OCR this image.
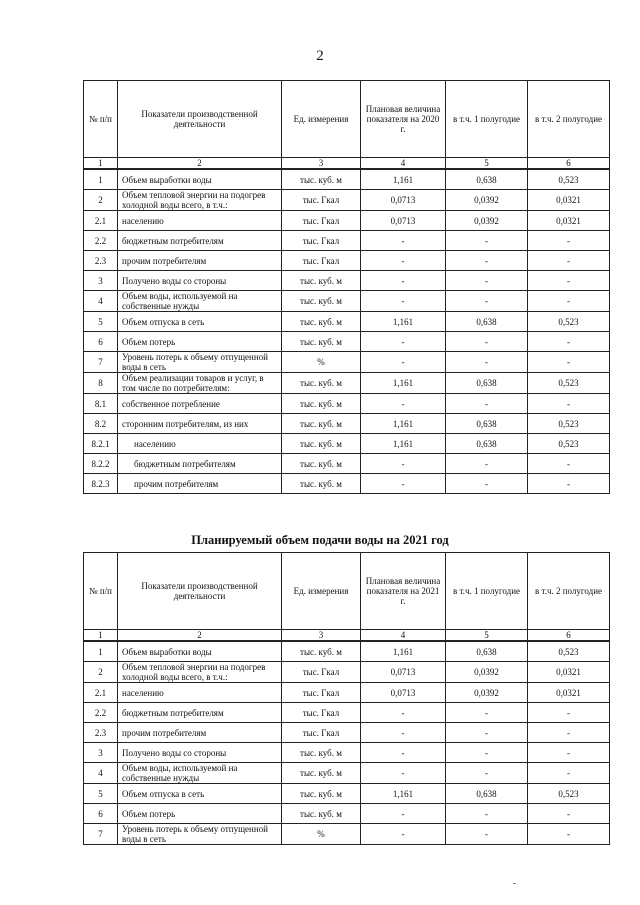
2
№ п/п	Показатели производственной деятельности	Ед. измерения	Плановая величина показателя на 2020 г.	в т.ч. 1 полугодие	в т.ч. 2 полугодие
1	2	3	4	5	6
1	Объем выработки воды	тыс. куб. м	1,161	0,638	0,523
2	Объем тепловой энергии на подогрев холодной воды всего, в т.ч.:	тыс. Гкал	0,0713	0,0392	0,0321
2.1	населению	тыс. Гкал	0,0713	0,0392	0,0321
2.2	бюджетным потребителям	тыс. Гкал	-	-	-
2.3	прочим потребителям	тыс. Гкал	-	-	-
3	Получено воды со стороны	тыс. куб. м	-	-	-
4	Объем воды, используемой на собственные нужды	тыс. куб. м	-	-	-
5	Объем отпуска в сеть	тыс. куб. м	1,161	0,638	0,523
6	Объем потерь	тыс. куб. м	-	-	-
7	Уровень потерь к объему отпущенной воды в сеть	%	-	-	-
8	Объем реализации товаров и услуг, в том числе по потребителям:	тыс. куб. м	1,161	0,638	0,523
8.1	собственное потребление	тыс. куб. м	-	-	-
8.2	сторонним потребителям, из них	тыс. куб. м	1,161	0,638	0,523
8.2.1	населению	тыс. куб. м	1,161	0,638	0,523
8.2.2	бюджетным потребителям	тыс. куб. м	-	-	-
8.2.3	прочим потребителям	тыс. куб. м	-	-	-
Планируемый объем подачи воды на 2021 год
№ п/п	Показатели производственной деятельности	Ед. измерения	Плановая величина показателя на 2021 г.	в т.ч. 1 полугодие	в т.ч. 2 полугодие
1	2	3	4	5	6
1	Объем выработки воды	тыс. куб. м	1,161	0,638	0,523
2	Объем тепловой энергии на подогрев холодной воды всего, в т.ч.:	тыс. Гкал	0,0713	0,0392	0,0321
2.1	населению	тыс. Гкал	0,0713	0,0392	0,0321
2.2	бюджетным потребителям	тыс. Гкал	-	-	-
2.3	прочим потребителям	тыс. Гкал	-	-	-
3	Получено воды со стороны	тыс. куб. м	-	-	-
4	Объем воды, используемой на собственные нужды	тыс. куб. м	-	-	-
5	Объем отпуска в сеть	тыс. куб. м	1,161	0,638	0,523
6	Объем потерь	тыс. куб. м	-	-	-
7	Уровень потерь к объему отпущенной воды в сеть	%	-	-	-
